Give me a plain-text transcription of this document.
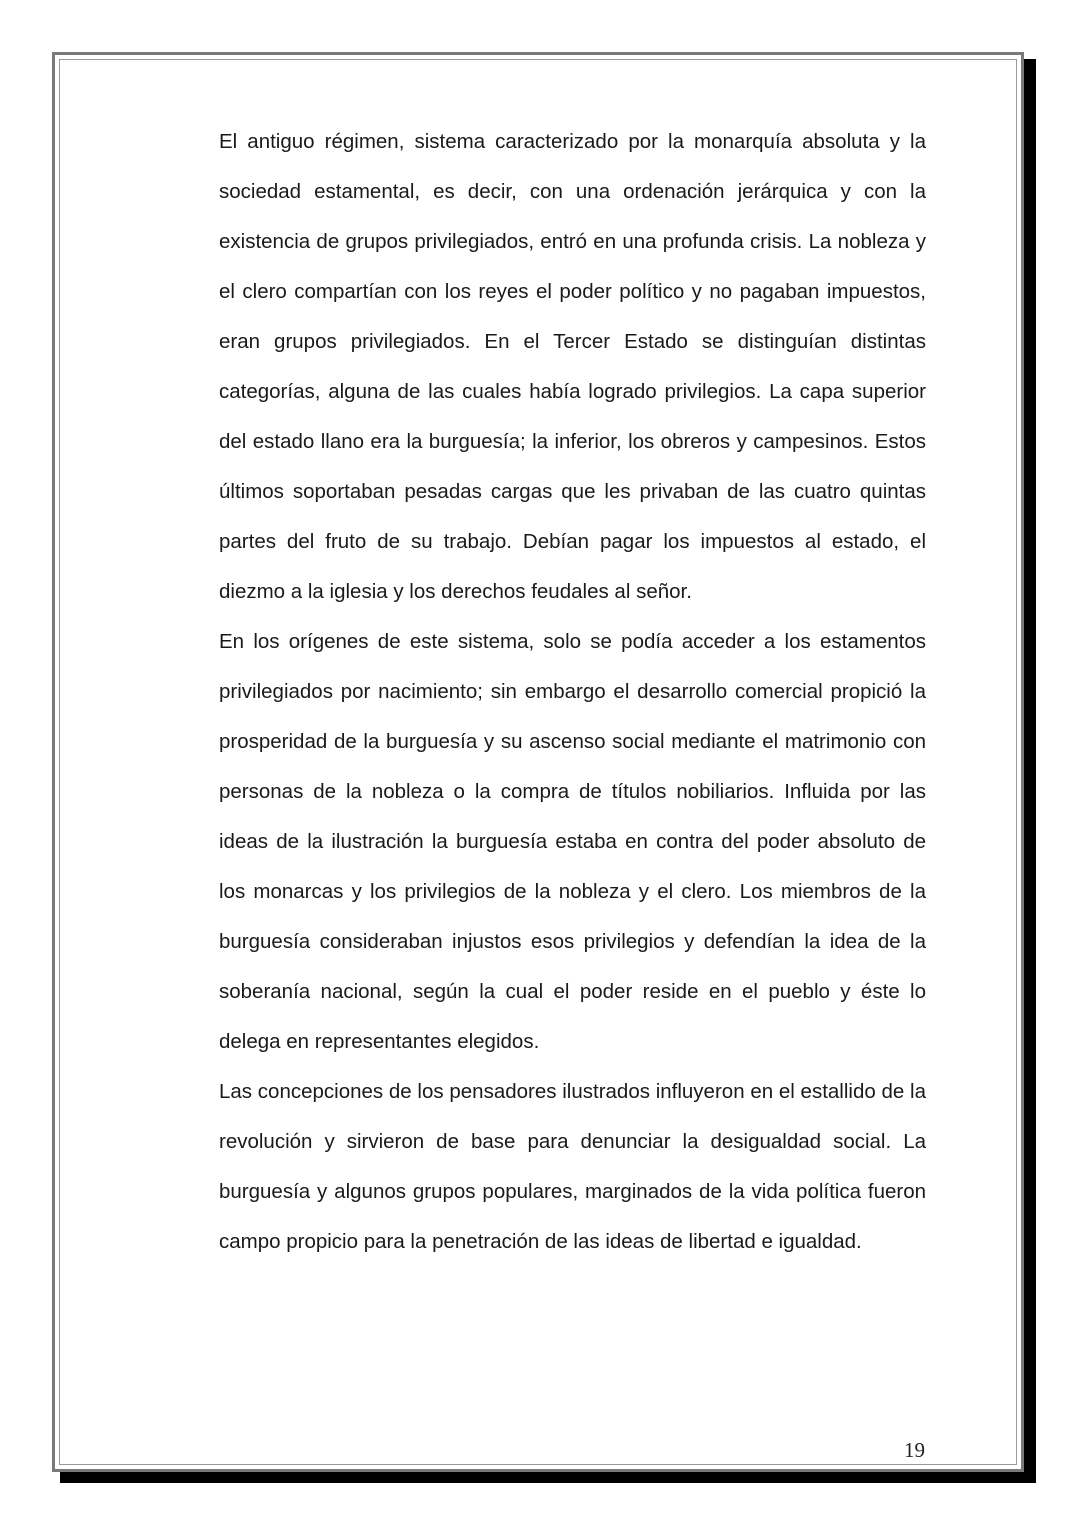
El antiguo régimen, sistema caracterizado por la monarquía absoluta y la sociedad estamental, es decir, con una ordenación jerárquica y con la existencia de grupos privilegiados, entró en una profunda crisis. La nobleza y el clero compartían con los reyes el poder político y no pagaban impuestos, eran grupos privilegiados. En el Tercer Estado se distinguían distintas categorías, alguna de las cuales había logrado privilegios. La capa superior del estado llano era la burguesía; la inferior, los obreros y campesinos. Estos últimos soportaban pesadas cargas que les privaban de las cuatro quintas partes del fruto de su trabajo. Debían pagar los impuestos al estado, el diezmo a la iglesia y los derechos feudales al señor.

En los orígenes de este sistema, solo se podía acceder a los estamentos privilegiados por nacimiento; sin embargo el desarrollo comercial propició la prosperidad de la burguesía y su ascenso social mediante el matrimonio con personas de la nobleza o la compra de títulos nobiliarios. Influida por las ideas de la ilustración la burguesía estaba en contra del poder absoluto de los monarcas y los privilegios de la nobleza y el clero. Los miembros de la burguesía consideraban injustos esos privilegios y defendían la idea de la soberanía nacional, según la cual el poder reside en el pueblo y éste lo delega en representantes elegidos.

Las concepciones de los pensadores ilustrados influyeron en el estallido de la revolución y sirvieron de base para denunciar la desigualdad social. La burguesía y algunos grupos populares, marginados de la vida política fueron campo propicio para la penetración de las ideas de libertad e igualdad.

19
